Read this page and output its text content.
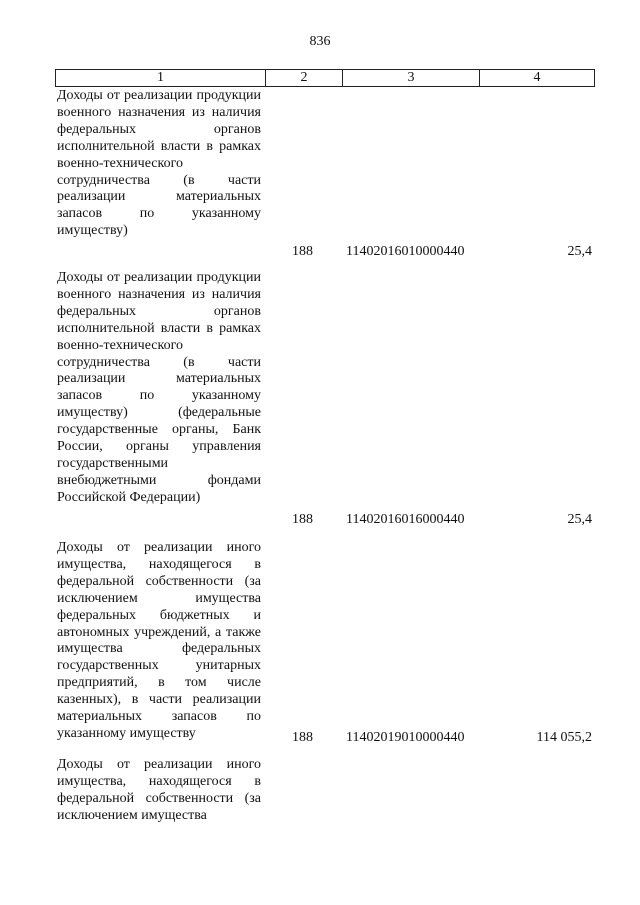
836
1	2	3	4
Доходы от реализации продукции военного назначения из наличия федеральных органов исполнительной власти в рамках военно-технического сотрудничества (в части реализации материальных запасов по указанному имуществу)
188 11402016010000440	25,4
Доходы от реализации продукции военного назначения из наличия федеральных органов исполнительной власти в рамках военно-технического сотрудничества (в части реализации материальных запасов по указанному имуществу) (федеральные государственные органы, Банк России, органы управления государственными внебюджетными фондами Российской Федерации)
188 11402016016000440	25,4
Доходы от реализации иного имущества, находящегося в федеральной собственности (за исключением имущества федеральных бюджетных и автономных учреждений, а также имущества федеральных государственных унитарных предприятий, в том числе казенных), в части реализации материальных запасов по указанному имуществу	188 11402019010000440	114 055,2
Доходы от реализации иного имущества, находящегося в федеральной собственности (за исключением имущества
